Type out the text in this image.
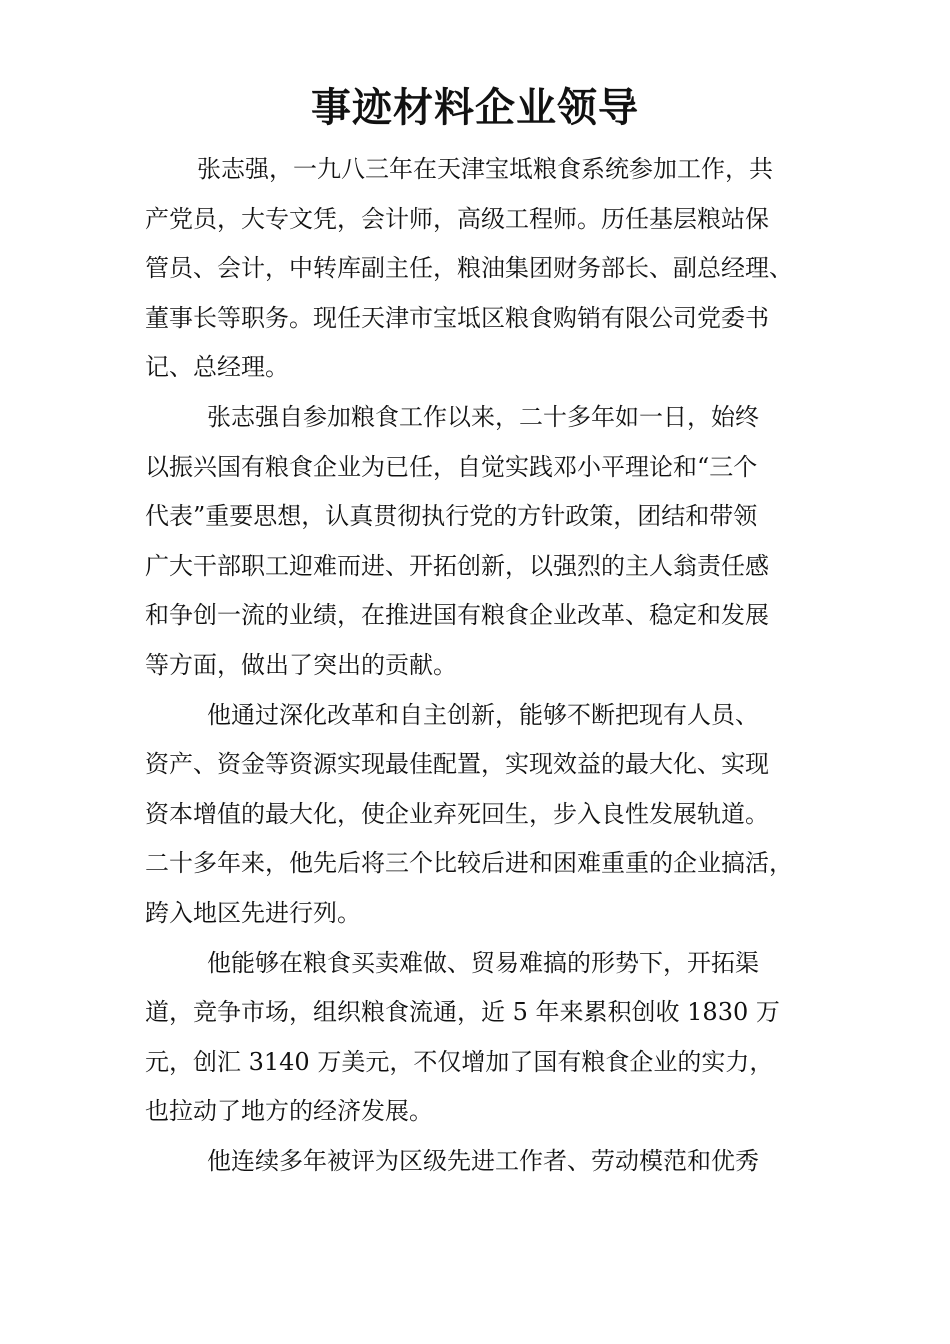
事迹材料企业领导

张志强，一九八三年在天津宝坻粮食系统参加工作，共
产党员，大专文凭，会计师，高级工程师。历任基层粮站保
管员、会计，中转库副主任，粮油集团财务部长、副总经理、
董事长等职务。现任天津市宝坻区粮食购销有限公司党委书
记、总经理。

张志强自参加粮食工作以来，二十多年如一日，始终
以振兴国有粮食企业为已任，自觉实践邓小平理论和“三个
代表”重要思想，认真贯彻执行党的方针政策，团结和带领
广大干部职工迎难而进、开拓创新，以强烈的主人翁责任感
和争创一流的业绩，在推进国有粮食企业改革、稳定和发展
等方面，做出了突出的贡献。

他通过深化改革和自主创新，能够不断把现有人员、
资产、资金等资源实现最佳配置，实现效益的最大化、实现
资本增值的最大化，使企业弃死回生，步入良性发展轨道。
二十多年来，他先后将三个比较后进和困难重重的企业搞活，
跨入地区先进行列。

他能够在粮食买卖难做、贸易难搞的形势下，开拓渠
道，竞争市场，组织粮食流通，近 5 年来累积创收 1830 万
元，创汇 3140 万美元，不仅增加了国有粮食企业的实力，
也拉动了地方的经济发展。

他连续多年被评为区级先进工作者、劳动模范和优秀
